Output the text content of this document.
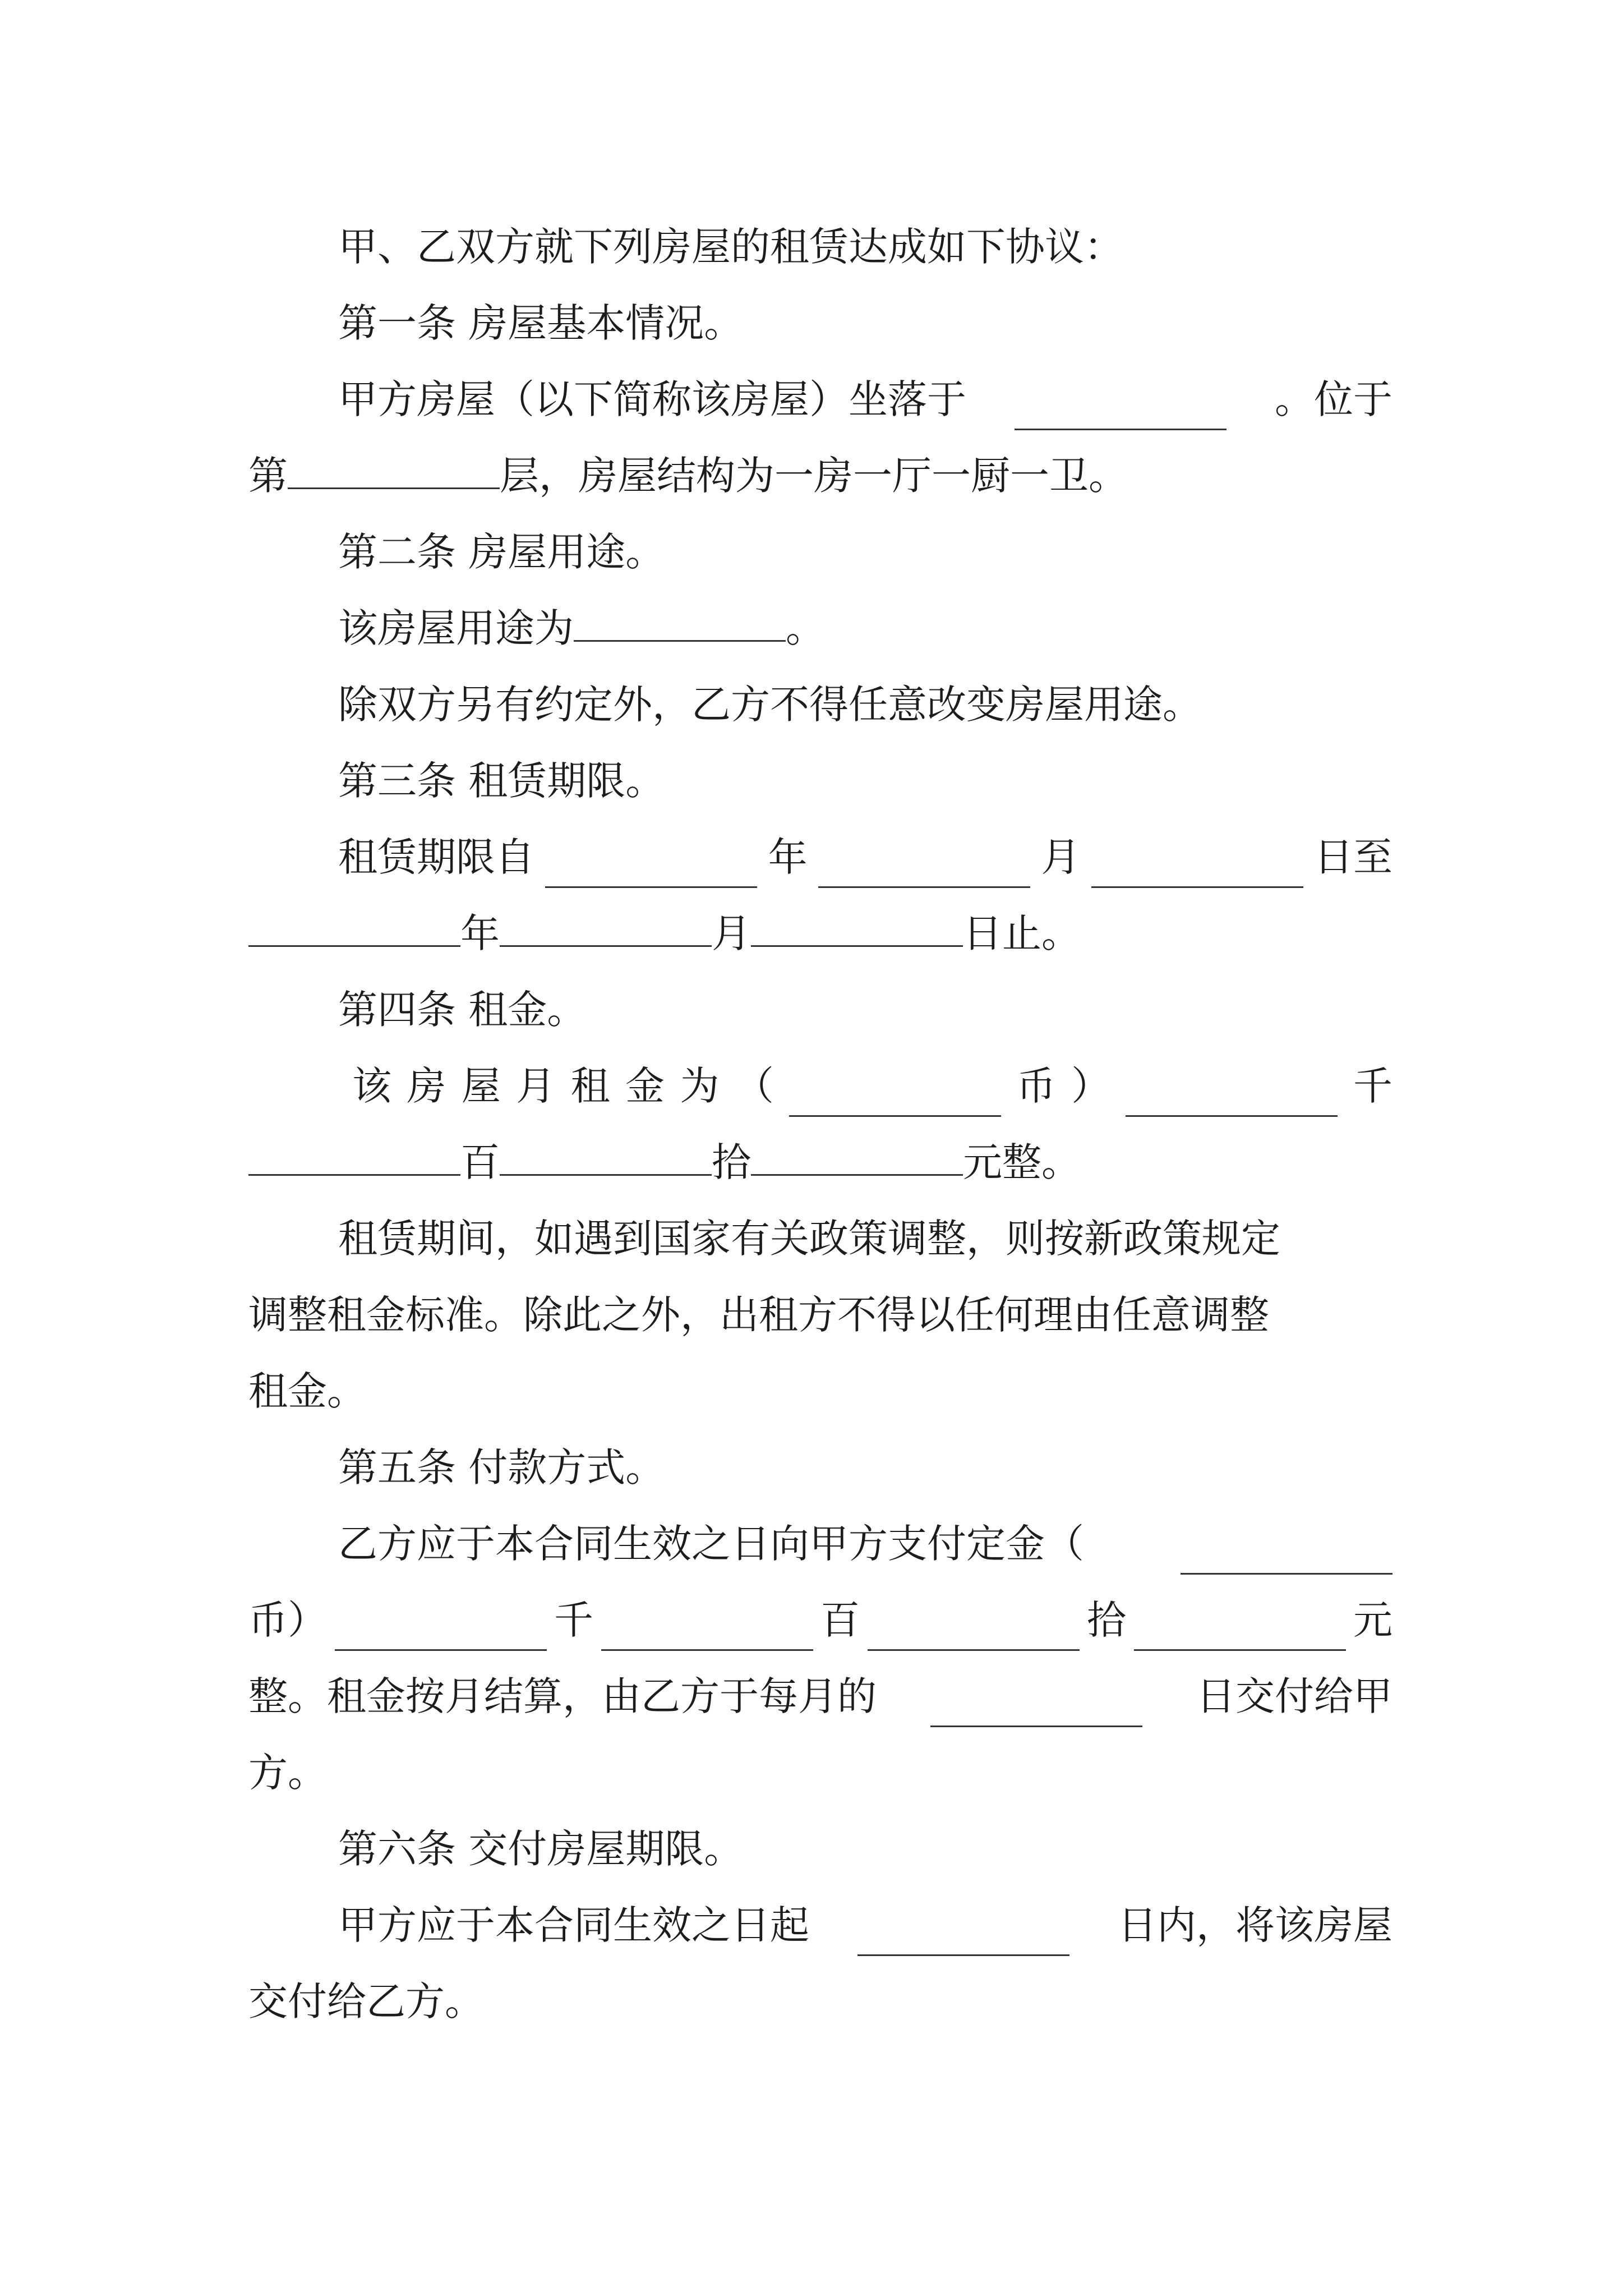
甲、乙双方就下列房屋的租赁达成如下协议：
第一条 房屋基本情况。
甲方房屋（以下简称该房屋）坐落于	。位于
第	层，房屋结构为一房一厅一厨一卫。
第二条 房屋用途。
该房屋用途为	。
除双方另有约定外，乙方不得任意改变房屋用途。
第三条 租赁期限。
租赁期限自	年	月	日至
年	月	日止。
第四条 租金。
该 房 屋 月 租 金 为 （	币 ）	千
百	拾	元整。
租赁期间，如遇到国家有关政策调整，则按新政策规定
调整租金标准。除此之外，出租方不得以任何理由任意调整
租金。
第五条 付款方式。
乙方应于本合同生效之日向甲方支付定金（
币）	千	百	拾	元
整。租金按月结算，由乙方于每月的	日交付给甲
方。
第六条 交付房屋期限。
甲方应于本合同生效之日起	日内，将该房屋
交付给乙方。
